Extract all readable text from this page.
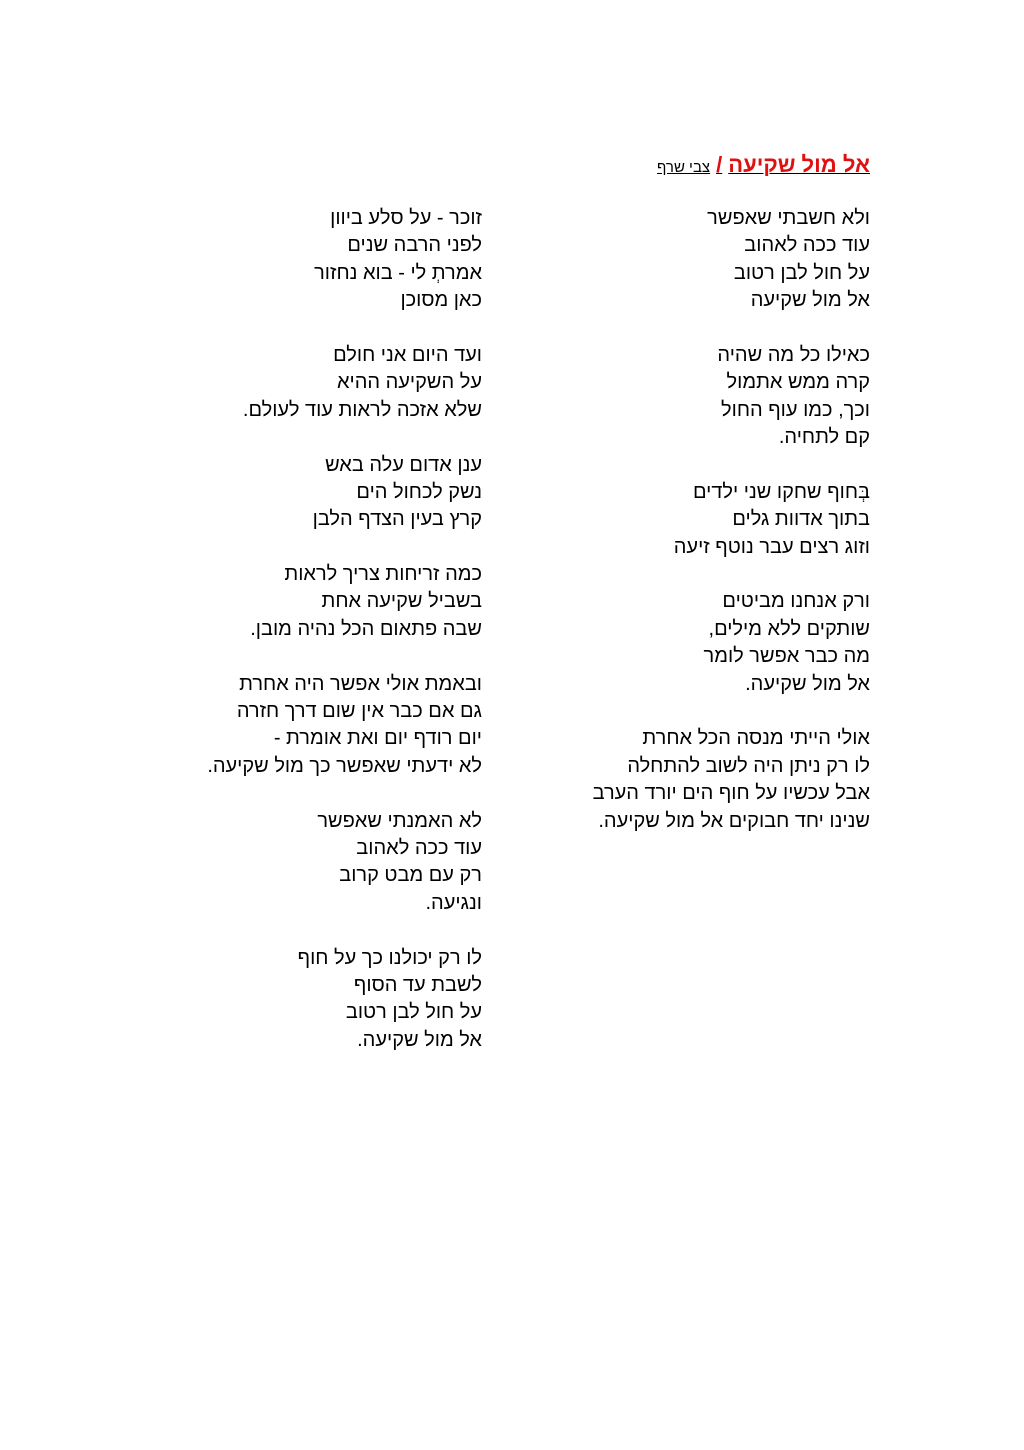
אל מול שקיעה/צבי שרף
ולא חשבתי שאפשר
עוד ככה לאהוב
על חול לבן רטוב
אל מול שקיעה
כאילו כל מה שהיה
קרה ממש אתמול
וכך, כמו עוף החול
קם לתחיה.
בְּחוף שחקו שני ילדים
בתוך אדוות גלים
וזוג רצים עבר נוטף זיעה
ורק אנחנו מביטים
שותקים ללא מילים,
מה כבר אפשר לומר
אל מול שקיעה.
אולי הייתי מנסה הכל אחרת
לו רק ניתן היה לשוב להתחלה
אבל עכשיו על חוף הים יורד הערב
שנינו יחד חבוקים אל מול שקיעה.
זוכר - על סלע ביוון
לפני הרבה שנים
אמרתְ לי - בוא נחזור
כאן מסוכן
ועד היום אני חולם
על השקיעה ההיא
שלא אזכה לראות עוד לעולם.
ענן אדום עלה באש
נשק לכחול הים
קרץ בעין הצדף הלבן
כמה זריחות צריך לראות
בשביל שקיעה אחת
שבה פתאום הכל נהיה מובן.
ובאמת אולי אפשר היה אחרת
גם אם כבר אין שום דרך חזרה
יום רודף יום ואת אומרת -
לא ידעתי שאפשר כך מול שקיעה.
לא האמנתי שאפשר
עוד ככה לאהוב
רק עם מבט קרוב
ונגיעה.
לו רק יכולנו כך על חוף
לשבת עד הסוף
על חול לבן רטוב
אל מול שקיעה.
